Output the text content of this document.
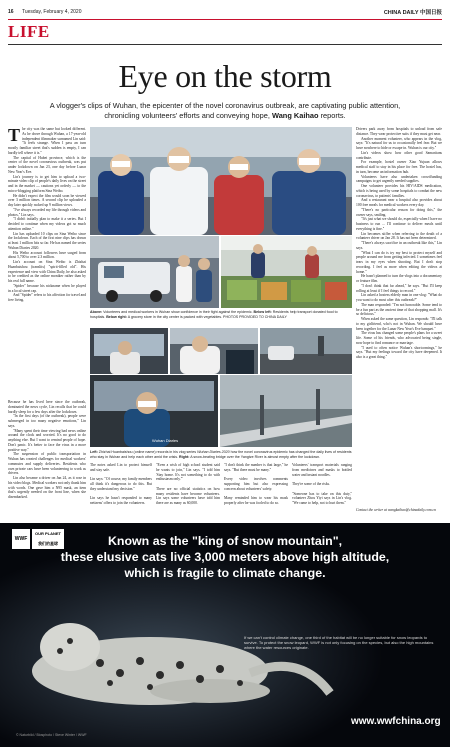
16 Tuesday, February 4, 2020	CHINA DAILY 中国日报
LIFE
Eye on the storm
A vlogger's clips of Wuhan, the epicenter of the novel coronavirus outbreak, are captivating public attention, chronicling volunteers' efforts and conveying hope, Wang Kaihao reports.
T he city was the same but looked different. As he drove through Wuhan, a 17-year-old independent filmmaker surnamed Lin said: "It feels strange. When I pass an turn mostly familiar street that's sudden is empty, I can hardly tell where it is."

The capital of Hubei province, which is the center of the novel coronavirus outbreak, was put under lockdown on Jan 23, one day before Lunar New Year's Eve.

Lin's journey is to get him to upload a two-minute video clip of people's daily lives on the street and in the market — cautions yet orderly — to the micro-blogging platform Sina Weibo.

He didn't expect the film would soon be viewed over 3 million times. A second clip he uploaded a day later quickly racked up 9 million views.

"I've always recorded my life through videos and photos," Lin says.

"I didn't initially plan to make it a series. But I decided to continue when my videos got so much attention online."

Lin has uploaded 10 clips on Sina Weibo since the lockdown. Each of the first nine clips has drawn at least 1 million hits so far. He has named the series Wuhan Diaries 2020.

His Weibo account followers have surged from about 5,700 to over 2.3 million.

Lin's account on Sina Weibo is Zhizhai Huanbaishou (translits) "spirit-filled old". His experience and view with China Daily, he also asked to be credited as the online moniker rather than by his real full name.

"Spider" because his nickname when he played in a local street rap.

And "Spider" refers to his affection for travel and free living.

Above: Volunteers and medical workers in Wuhan show confidence in their fight against the epidemic. Below left: Residents help transport donated food to hospitals. Below right: A grocery store in the city center is packed with vegetables. PHOTOS PROVIDED TO CHINA DAILY
Wuhan Diaries
Left: Zhizhai Huanbaishou (online name) records in his vlog series Wuhan Diaries 2020 how the novel coronavirus epidemic has changed the daily lives of residents who stay in Wuhan and help each other amid the crisis. Right: A snow-beating bridge over the Yangtze River is almost empty after the lockdown.
The notes asked Lin to protect himself and stay safe.

Lin says: "Of course, my family members all think it's dangerous to do this. But they understand my decision."

Lin says he hasn't responded to many netizens' offers to join the volunteers.
"Even a wish of high school student said he wants to join," Lin says. "I told him 'Stay home. It's not something to do with enthusiasm only.'"

There are no official statistics on how many residents have become volunteers. Lin says some volunteers have told him there are as many as 60,000.
"I don't think the number is that large," he says. "But there must be many."

Every video involves comments supporting him but also expressing concern about volunteers' safety.

Many reminded him to wear his mask properly after he was fooled to do so.
Volunteers' transport materials ranging from medicines and masks to bottled water and instant noodles.

They're some of the risks.

"Someone has to take on this duty," volunteer Zhou Yiyi says in Lin's vlog. "We came to help, not to hurt them."

Drivers park away from hospitals to unload from safe distance. They wear protective suits if they must get near.

Another moment volunteer, who appears in the vlog, says: "It's natural for us to occasionally feel fear. But we have nowhere to hide or escape in. Wuhan is our city."

Lin's videos show how other good Samaritans contribute.

For example, hostel owner Xiao Yujuan allows medical staff to stay in his place for free. The hostel has, in turn, become an information hub.

Volunteers have also undertaken crowdfunding campaigns to get urgently needed supplies.

One volunteer provides his HIV/AIDS medication, which is being used by some hospitals to combat the new coronavirus, to patients' families.

And a restaurant near a hospital also provides about 100 free meals for medical workers every day.

"There's no particular reason for doing this," the owner says, smiling.

"It's just what we should do, especially when I have no business to run ... I'll continue to deliver meals until everything is fine."

Lin becomes stiffer when referring to the death of a volunteer driver on Jan 28. It has not been determined.

"There's always sacrifice in an outbreak like this," Lin says.

"What I can do is try my best to protect myself and people around me from getting infected. I sometimes feel tears in my eyes when shooting. But I don't stop recording. I feel as more when editing the videos at home."

He hasn't planned to turn the vlogs into a documentary or feature film.

"I don't think that far ahead," he says. "But I'll keep rolling at least if I feel things to record."

Lin asked a hostess elderly man in one vlog: "What do you want to do most after this outbreak?"

The man responded: "I'm not honorable. Some tend to be a fun part as the ancient time of that shopping mall. It's so delicious."

When asked the same question, Lin responds: "I'll talk to my girlfriend, who's not in Wuhan. We should have been together for the Lunar New Year's Eve banquet."

The virus has changed some people's plans for a sweet life. Some of his friends, who advocated being single, now hope to find romance or marriage.

"I used to often notice Wuhan's shortcomings," he says. "But my feelings toward the city have deepened. It also is a great thing."

Contact the writer at wangkaihao@chinadaily.com.cn
WWF
OUR PLANET
我们的星球	Known as the "king of snow mountain",
these elusive cats live 3,000 meters above high altitude,
which is fragile to climate change.
If we can't control climate change, one third of the habitat will be no longer suitable for snow leopards to survive. To protect the snow leopard, WWF is not only focusing on the species, but also the high mountains where the water resources originate.
www.wwfchina.org
© Naturbild / Biosphoto / Steve Winter / WWF

Because he has lived here since the outbreak, dominated the news cycle, Lin recalls that he could hardly sleep for a few days after the lockdown.

"In the first days (of the outbreak), people were submerged in too many negative emotions," Lin says.

"Many spent their time viewing bad news online around the clock and worried. It's no good to do anything else. But I want to remind people of hope. Don't panic. It's better to face the virus in a more positive way."

The suspension of public transportation in Wuhan has created challenges for medical workers' commutes and supply deliveries. Residents who own private cars have been volunteering to work as drivers.

Lin also became a driver on Jan 24, as it rose in his video blogs. Medical workers not only thank him with words. One gave him a N95 mask, an item that's urgently needed on the front line, when she disembarked.
